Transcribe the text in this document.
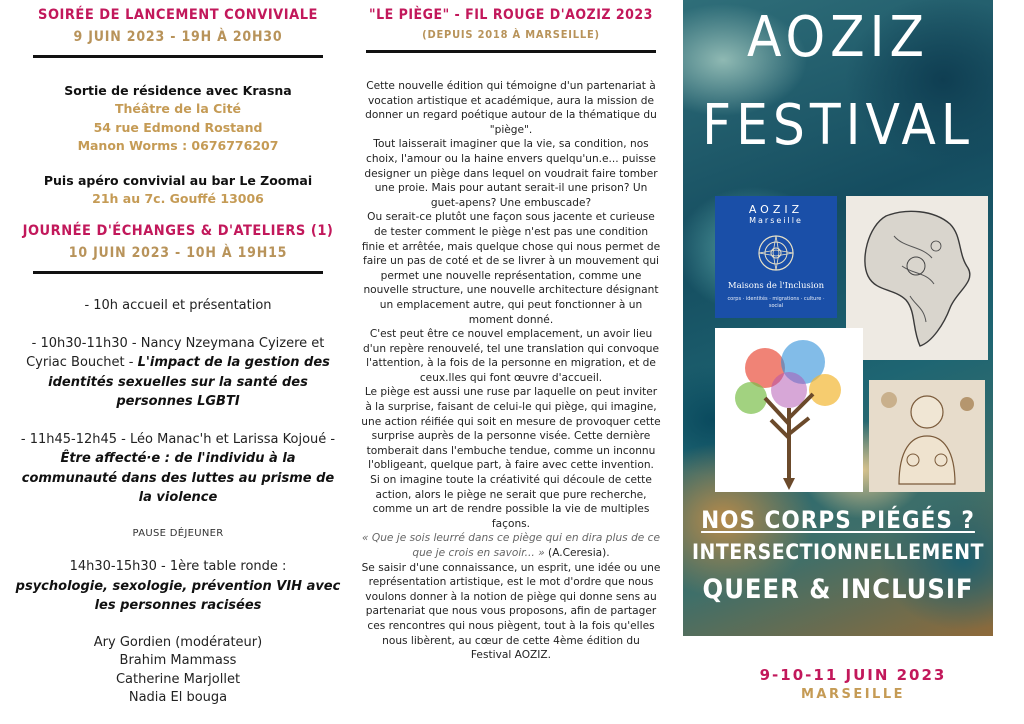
SOIRÉE DE LANCEMENT CONVIVIALE
9 JUIN 2023 - 19H À 20H30
Sortie de résidence avec Krasna
Théâtre de la Cité
54 rue Edmond Rostand
Manon Worms : 0676776207
Puis apéro convivial au bar Le Zoomai
21h au 7c. Gouffé 13006
JOURNÉE D'ÉCHANGES & D'ATELIERS (1)
10 JUIN 2023 - 10H À 19H15
- 10h accueil et présentation
- 10h30-11h30 - Nancy Nzeymana Cyizere et Cyriac Bouchet - L'impact de la gestion des identités sexuelles sur la santé des personnes LGBTI
- 11h45-12h45 - Léo Manac'h et Larissa Kojoué - Être affecté·e : de l'individu à la communauté dans des luttes au prisme de la violence
PAUSE DÉJEUNER
14h30-15h30 - 1ère table ronde :
psychologie, sexologie, prévention VIH avec les personnes racisées
Ary Gordien (modérateur)
Brahim Mammass
Catherine Marjollet
Nadia El bouga
"LE PIÈGE" - FIL ROUGE D'AOZIZ 2023
(DEPUIS 2018 À MARSEILLE)
Cette nouvelle édition qui témoigne d'un partenariat à vocation artistique et académique, aura la mission de donner un regard poétique autour de la thématique du "piège".
Tout laisserait imaginer que la vie, sa condition, nos choix, l'amour ou la haine envers quelqu'un.e... puisse designer un piège dans lequel on voudrait faire tomber une proie. Mais pour autant serait-il une prison? Un guet-apens? Une embuscade?
Ou serait-ce plutôt une façon sous jacente et curieuse de tester comment le piège n'est pas une condition finie et arrêtée, mais quelque chose qui nous permet de faire un pas de coté et de se livrer à un mouvement qui permet une nouvelle représentation, comme une nouvelle structure, une nouvelle architecture désignant un emplacement autre, qui peut fonctionner à un moment donné.
C'est peut être ce nouvel emplacement, un avoir lieu d'un repère renouvelé, tel une translation qui convoque l'attention, à la fois de la personne en migration, et de ceux.lles qui font œuvre d'accueil.
Le piège est aussi une ruse par laquelle on peut inviter à la surprise, faisant de celui-le qui piège, qui imagine, une action réifiée qui soit en mesure de provoquer cette surprise auprès de la personne visée. Cette dernière tomberait dans l'embuche tendue, comme un inconnu l'obligeant, quelque part, à faire avec cette invention.
Si on imagine toute la créativité qui découle de cette action, alors le piège ne serait que pure recherche, comme un art de rendre possible la vie de multiples façons.
« Que je sois leurré dans ce piège qui en dira plus de ce que je crois en savoir... » (A.Ceresia).
Se saisir d'une connaissance, un esprit, une idée ou une représentation artistique, est le mot d'ordre que nous voulons donner à la notion de piège qui donne sens au partenariat que nous vous proposons, afin de partager ces rencontres qui nous piègent, tout à la fois qu'elles nous libèrent, au cœur de cette 4ème édition du Festival AOZIZ.
AOZIZ
FESTIVAL
AOZIZ
Marseille
Maisons de l'Inclusion
corps · identités · migrations · culture · social
NOS CORPS PIÉGÉS ?
INTERSECTIONNELLEMENT
QUEER & INCLUSIF
9-10-11 JUIN 2023
MARSEILLE
